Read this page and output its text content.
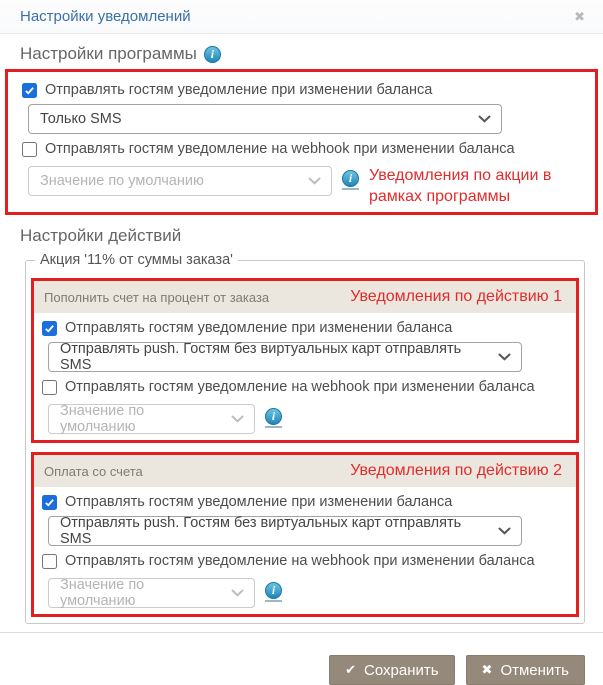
Настройки уведомлений	✖
Настройки программы	i
Отправлять гостям уведомление при изменении баланса
Только SMS
Отправлять гостям уведомление на webhook при изменении баланса
Значение по умолчанию	i	Уведомления по акции в рамках программы
Настройки действий
Акция '11% от суммы заказа'
Пополнить счет на процент от заказа	Уведомления по действию 1
Отправлять гостям уведомление при изменении баланса
Отправлять push. Гостям без виртуальных карт отправлять SMS
Отправлять гостям уведомление на webhook при изменении баланса
Значение по умолчанию
i
Оплата со счета	Уведомления по действию 2
Отправлять гостям уведомление при изменении баланса
Отправлять push. Гостям без виртуальных карт отправлять SMS
Отправлять гостям уведомление на webhook при изменении баланса
Значение по умолчанию
i
✔ Сохранить	✖ Отменить
